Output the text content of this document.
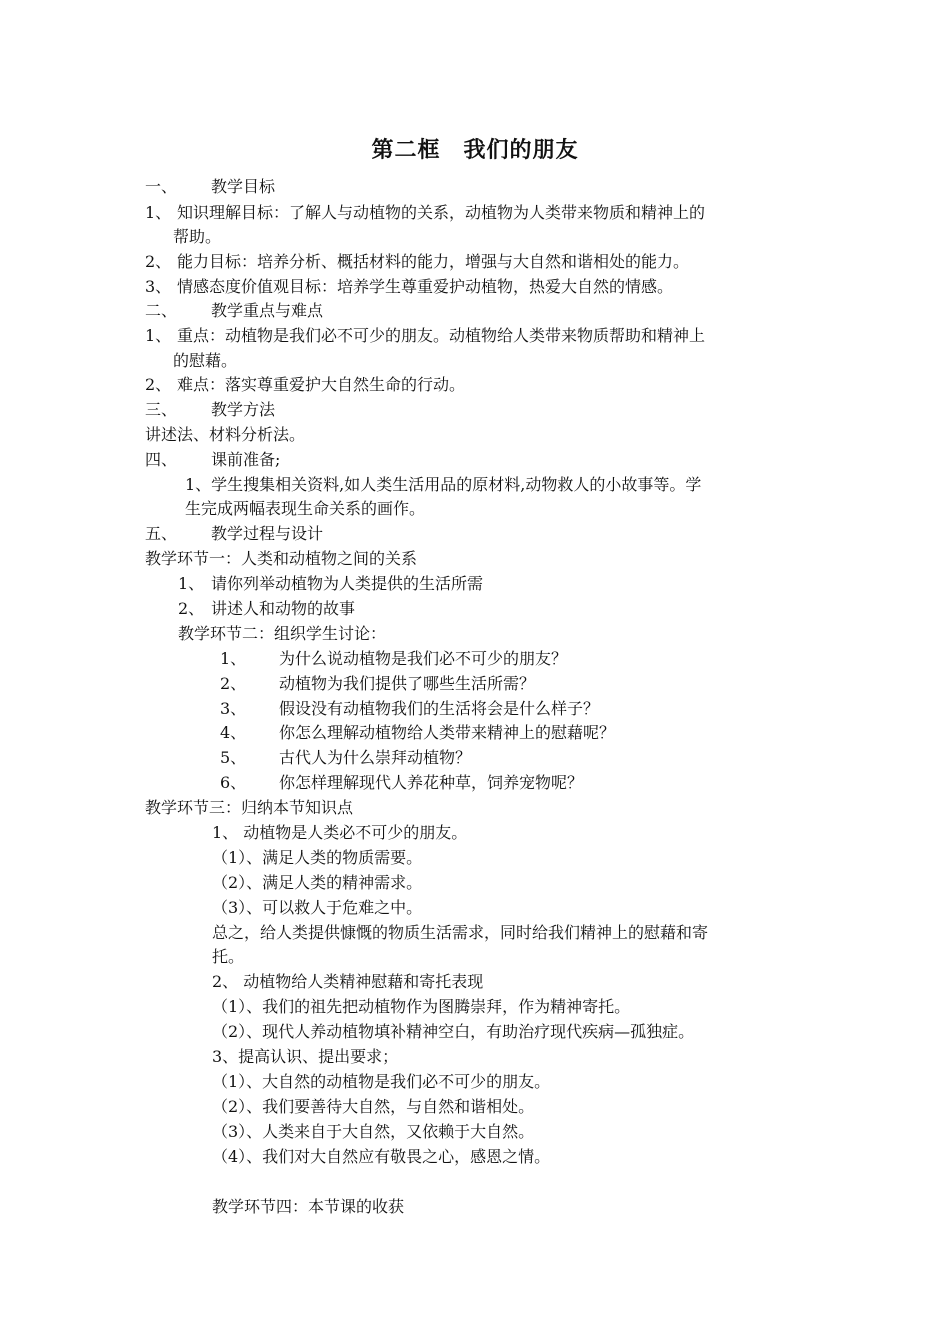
第二框　我们的朋友
一、 教学目标
1、 知识理解目标：了解人与动植物的关系，动植物为人类带来物质和精神上的
帮助。
2、 能力目标：培养分析、概括材料的能力，增强与大自然和谐相处的能力。
3、 情感态度价值观目标：培养学生尊重爱护动植物，热爱大自然的情感。
二、 教学重点与难点
1、 重点：动植物是我们必不可少的朋友。动植物给人类带来物质帮助和精神上
的慰藉。
2、 难点：落实尊重爱护大自然生命的行动。
三、 教学方法
讲述法、材料分析法。
四、 课前准备;
1、学生搜集相关资料,如人类生活用品的原材料,动物救人的小故事等。学
生完成两幅表现生命关系的画作。
五、 教学过程与设计
教学环节一：人类和动植物之间的关系
1、 请你列举动植物为人类提供的生活所需
2、 讲述人和动物的故事
教学环节二：组织学生讨论：
1、 为什么说动植物是我们必不可少的朋友？
2、 动植物为我们提供了哪些生活所需？
3、 假设没有动植物我们的生活将会是什么样子？
4、 你怎么理解动植物给人类带来精神上的慰藉呢？
5、 古代人为什么崇拜动植物？
6、 你怎样理解现代人养花种草，饲养宠物呢？
教学环节三：归纳本节知识点
1、 动植物是人类必不可少的朋友。
（1）、满足人类的物质需要。
（2）、满足人类的精神需求。
（3）、可以救人于危难之中。
总之，给人类提供慷慨的物质生活需求，同时给我们精神上的慰藉和寄
托。
2、 动植物给人类精神慰藉和寄托表现
（1）、我们的祖先把动植物作为图腾崇拜，作为精神寄托。
（2）、现代人养动植物填补精神空白，有助治疗现代疾病—孤独症。
3、提高认识、提出要求；
（1）、大自然的动植物是我们必不可少的朋友。
（2）、我们要善待大自然，与自然和谐相处。
（3）、人类来自于大自然，又依赖于大自然。
（4）、我们对大自然应有敬畏之心，感恩之情。
教学环节四：本节课的收获
